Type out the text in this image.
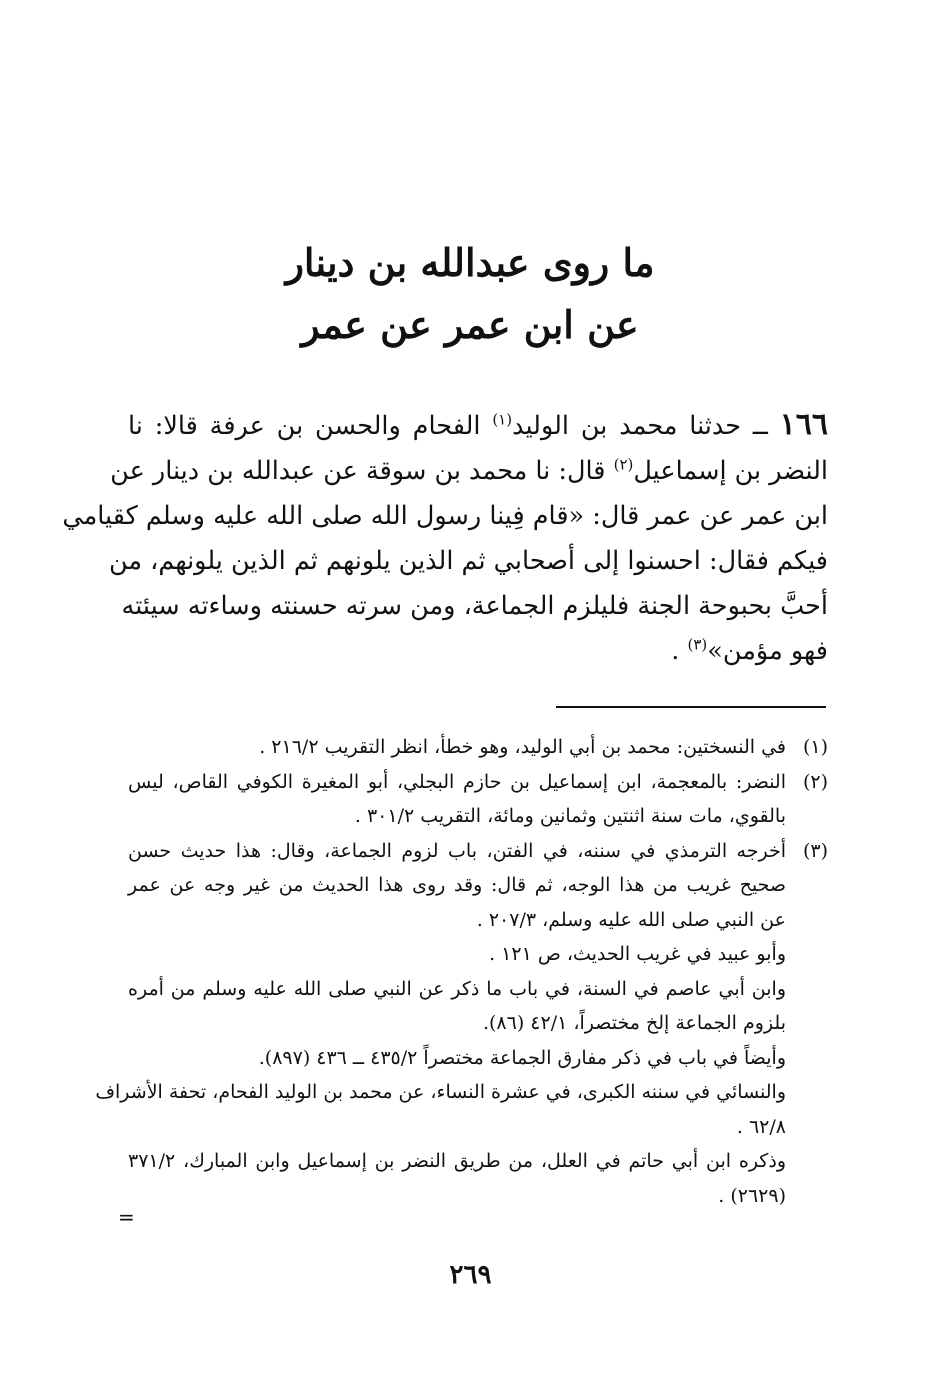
ما روى عبدالله بن دينار
عن ابن عمر عن عمر
١٦٦ ــ حدثنا محمد بن الوليد$^{(١)}$ الفحام والحسن بن عرفة قالا: نا
النضر بن إسماعيل$^{(٢)}$ قال: نا محمد بن سوقة عن عبدالله بن دينار عن
ابن عمر عن عمر قال: «قام فِينا رسول الله صلى الله عليه وسلم كقيامي
فيكم فقال: احسنوا إلى أصحابي ثم الذين يلونهم ثم الذين يلونهم، من
أحبَّ بحبوحة الجنة فليلزم الجماعة، ومن سرته حسنته وساءته سيئته
فهو مؤمن»$^{(٣)}$ .
(١)
في النسختين: محمد بن أبي الوليد، وهو خطأ، انظر التقريب ٢١٦/٢ .
(٢)
النضر: بالمعجمة، ابن إسماعيل بن حازم البجلي، أبو المغيرة الكوفي القاص، ليس
بالقوي، مات سنة اثنتين وثمانين ومائة، التقريب ٣٠١/٢ .
(٣)
أخرجه الترمذي في سننه، في الفتن، باب لزوم الجماعة، وقال: هذا حديث حسن
صحيح غريب من هذا الوجه، ثم قال: وقد روى هذا الحديث من غير وجه عن عمر
عن النبي صلى الله عليه وسلم، ٢٠٧/٣ .
وأبو عبيد في غريب الحديث، ص ١٢١ .
وابن أبي عاصم في السنة، في باب ما ذكر عن النبي صلى الله عليه وسلم من أمره
بلزوم الجماعة إلخ مختصراً، ٤٢/١ (٨٦).
وأيضاً في باب في ذكر مفارق الجماعة مختصراً ٤٣٥/٢ ــ ٤٣٦ (٨٩٧).
والنسائي في سننه الكبرى، في عشرة النساء، عن محمد بن الوليد الفحام، تحفة الأشراف
٦٢/٨ .
وذكره ابن أبي حاتم في العلل، من طريق النضر بن إسماعيل وابن المبارك، ٣٧١/٢
(٢٦٢٩) .
=
٢٦٩
